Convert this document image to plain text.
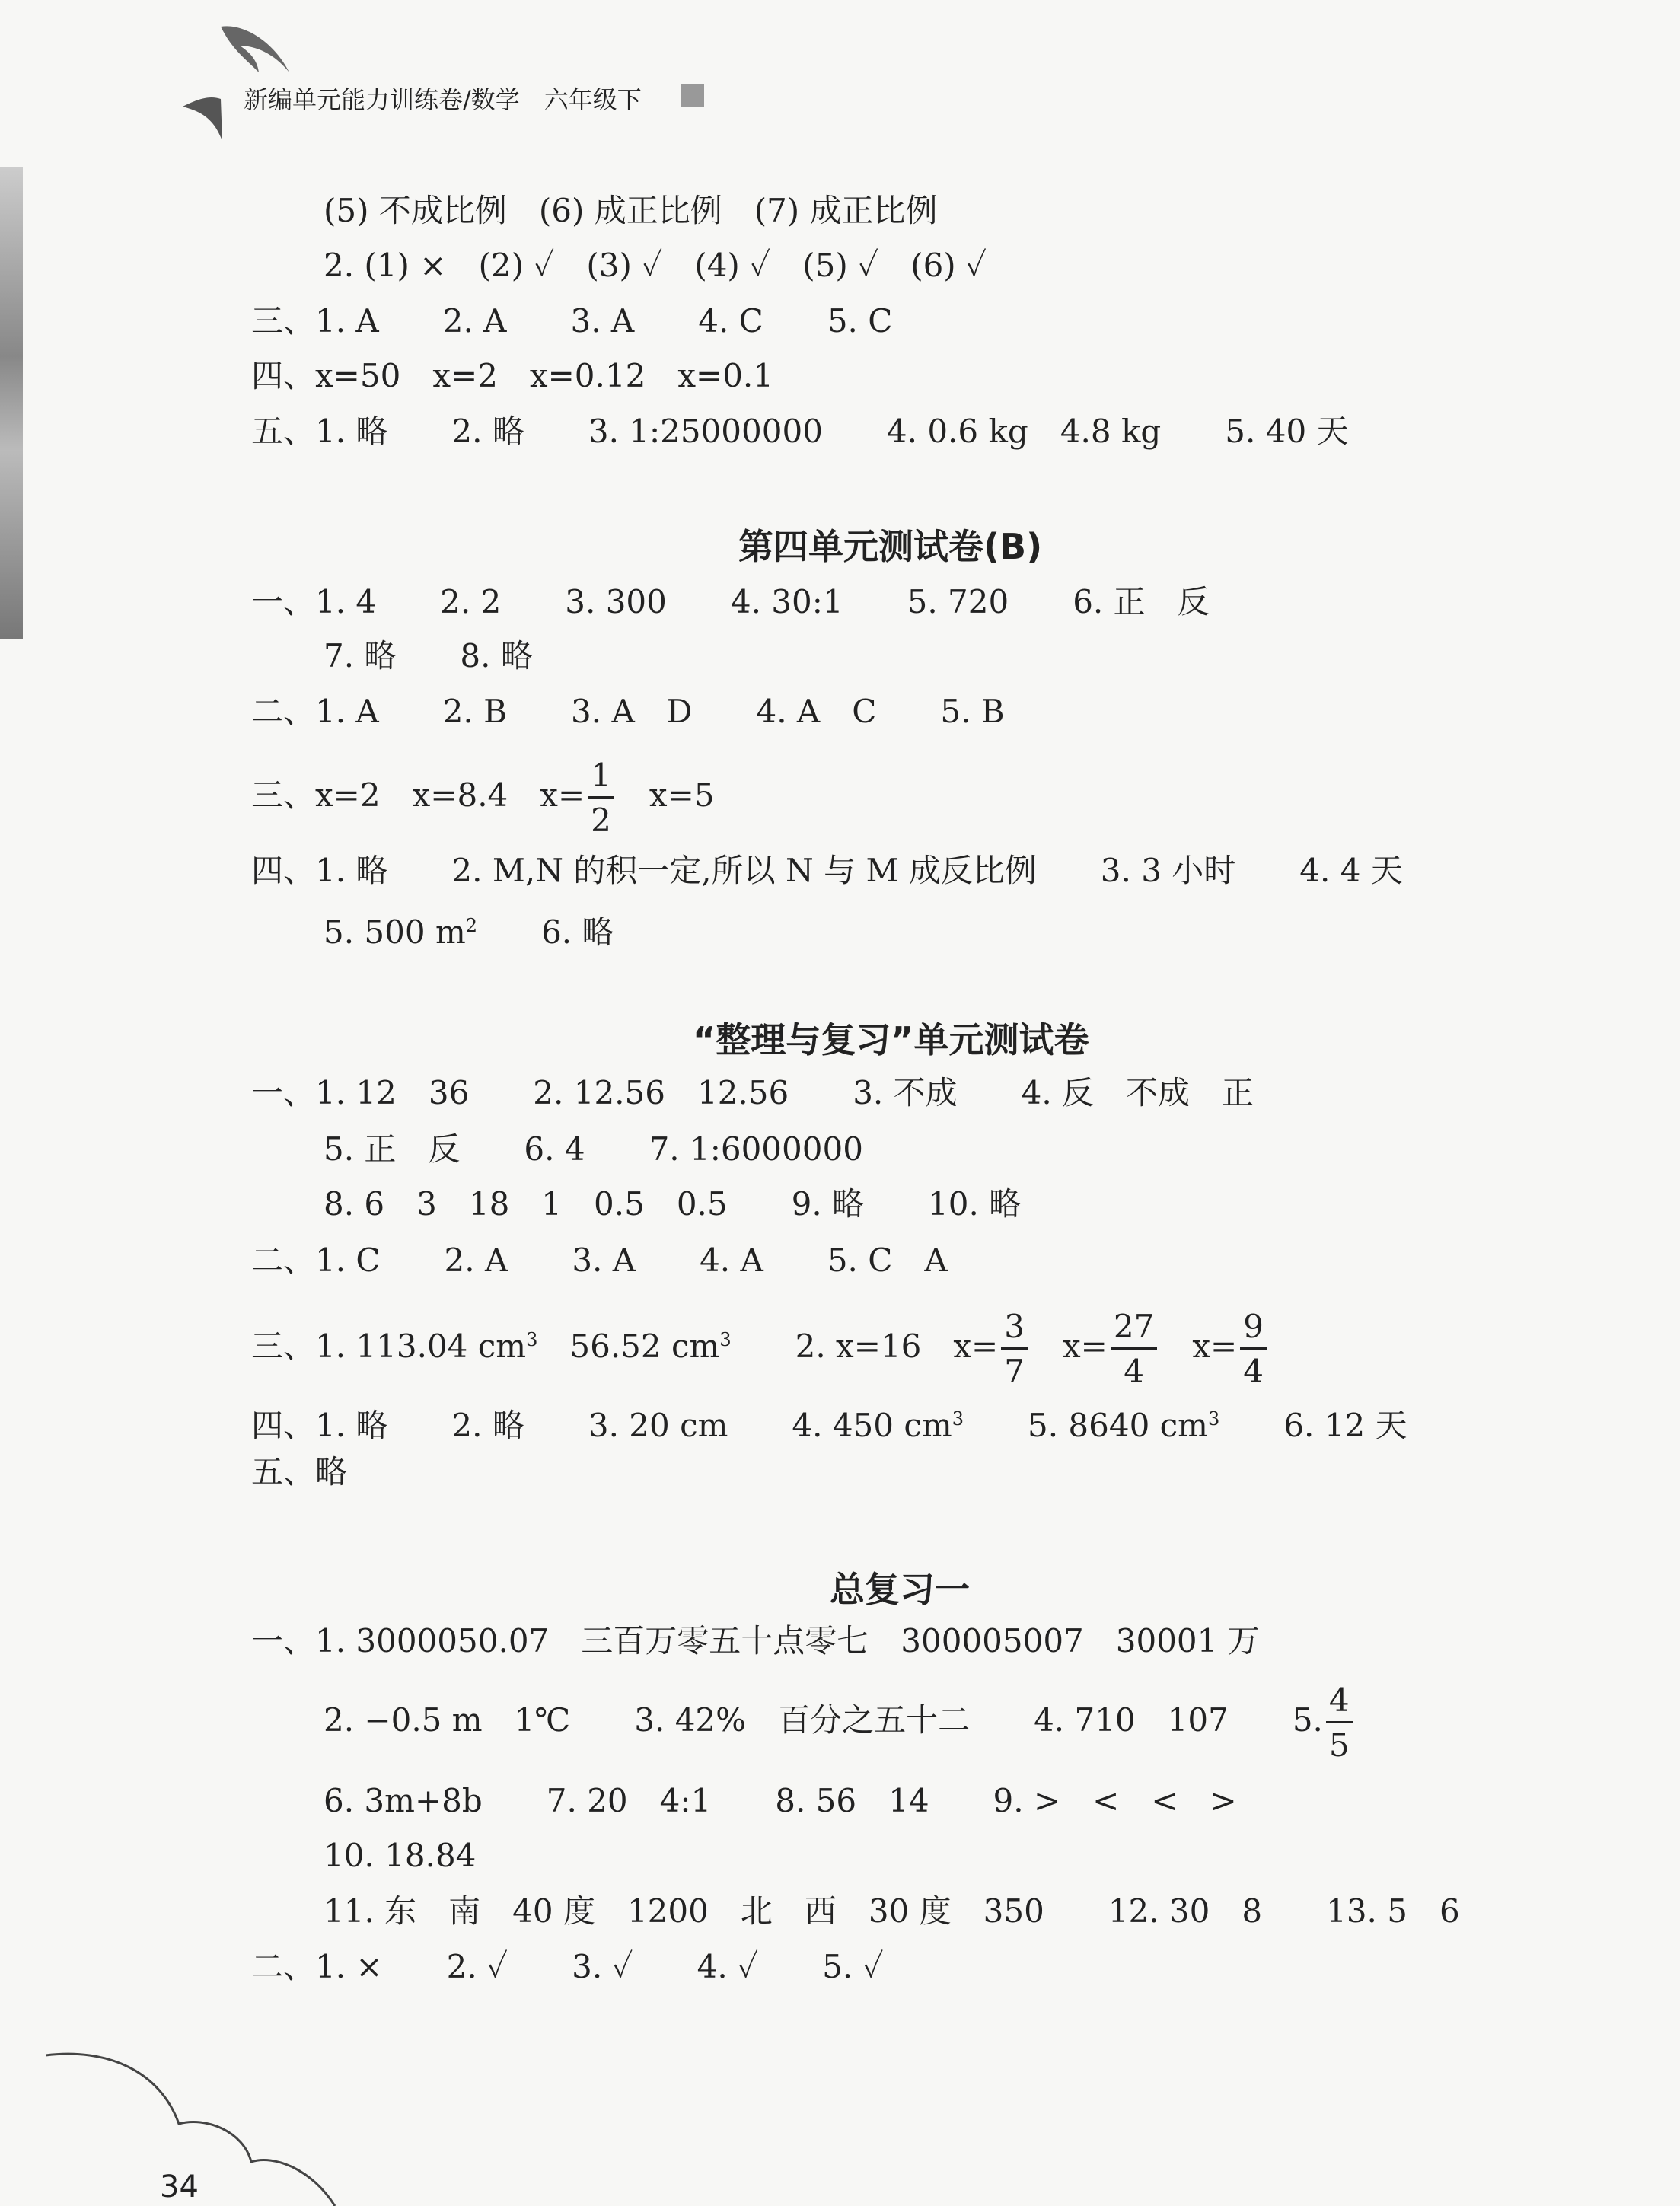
新编单元能力训练卷/数学　六年级下
(5) 不成比例　(6) 成正比例　(7) 成正比例
2. (1) ×　(2) ✓　(3) ✓　(4) ✓　(5) ✓　(6) ✓
三、1. A　　2. A　　3. A　　4. C　　5. C
四、x=50　x=2　x=0.12　x=0.1
五、1. 略　　2. 略　　3. 1:25000000　　4. 0.6 kg　4.8 kg　　5. 40 天
第四单元测试卷(B)
一、1. 4　　2. 2　　3. 300　　4. 30:1　　5. 720　　6. 正　反
7. 略　　8. 略
二、1. A　　2. B　　3. A　D　　4. A　C　　5. B
三、x=2　x=8.4　$x= \frac{1}{2}$
　 x=5
四、1. 略　　2. M,N 的积一定,所以 N 与 M 成反比例　　3. 3 小时　　4. 4 天
5. 500 $m^2$　　 6. 略
“整理与复习”单元测试卷
一、1. 12　36　　2. 12.56　12.56　　3. 不成　　4. 反　不成　正
5. 正　反　　6. 4　　7. 1:6000000
8. 6　3　18　1　0.5　0.5　　9. 略　　10. 略
二、1. C　　2. A　　3. A　　4. A　　5. C　A
三、1. 113.04 $cm^3$　 56.52 $cm^3$　　 2. x=16　$x= \frac{3}{7}$
　 $x= \frac{27}{4}$
　 $x= \frac{9}{4}$
四、1. 略　　2. 略　　3. 20 cm　　4. 450 $cm^3$　　 5. 8640 $cm^3$　　 6. 12 天
五、略
总复习一
一、1. 3000050.07　三百万零五十点零七　300005007　30001 万
2. −0.5 m　1℃　　3. 42%　百分之五十二　　4. 710　107　　5. $\frac{4}{5}$
6. 3m+8b　　7. 20　4:1　　8. 56　14　　9. >　<　<　>
10. 18.84
11. 东　南　40 度　1200　北　西　30 度　350　　12. 30　8　　13. 5　6
二、1. ×　　2. ✓　　3. ✓　　4. ✓　　5. ✓
34
